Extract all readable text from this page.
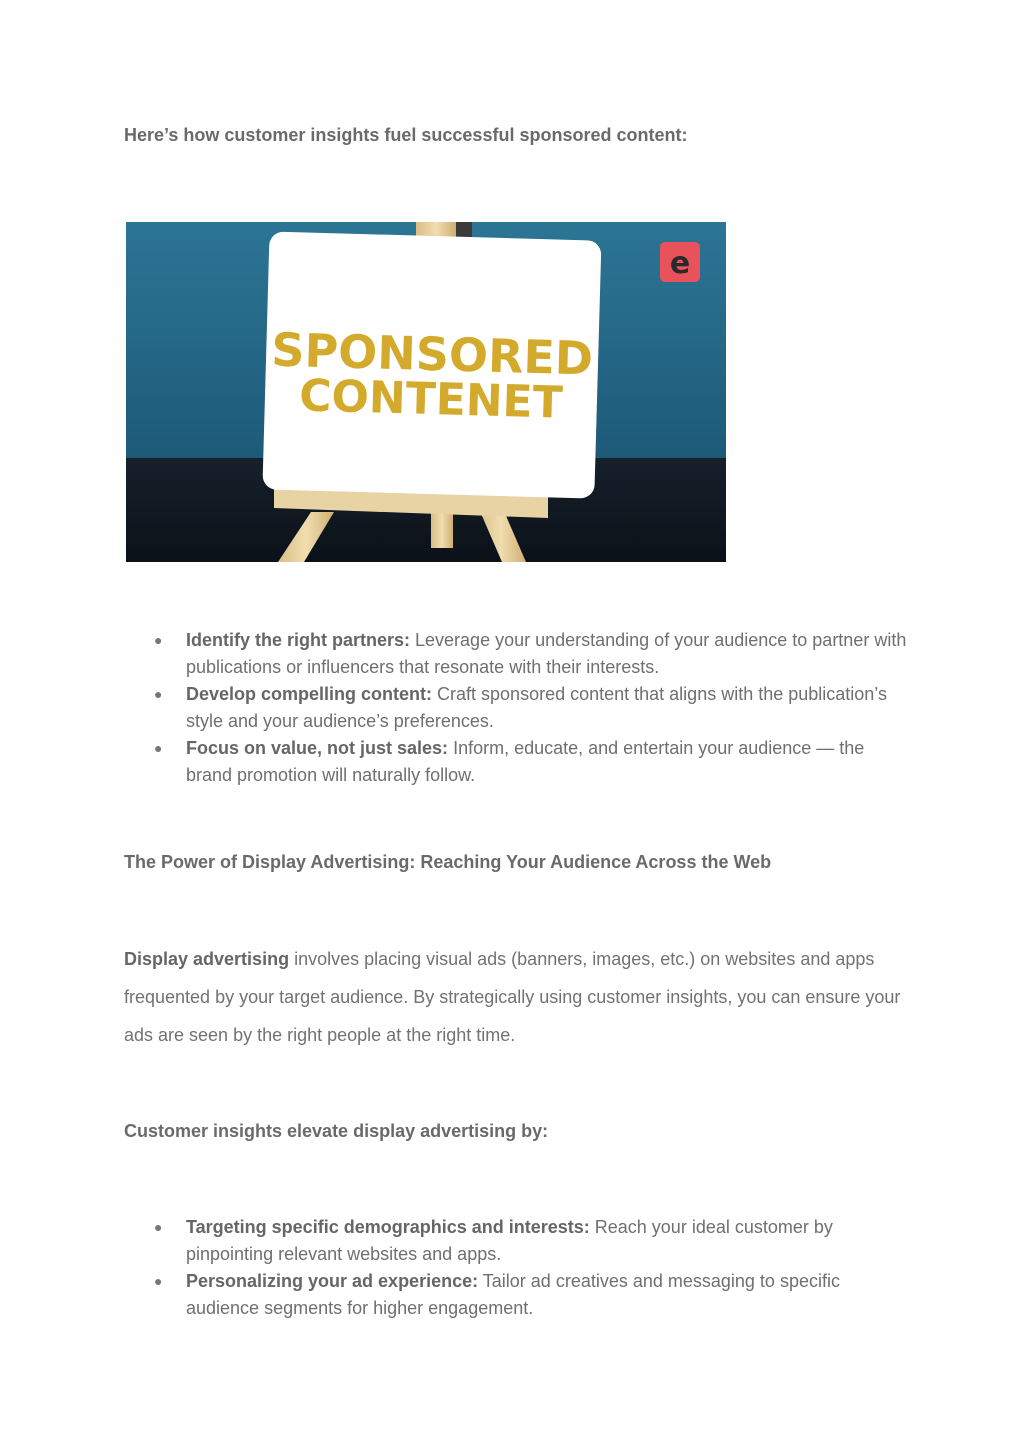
Here’s how customer insights fuel successful sponsored content:
SPONSORED
CONTENET
e
● Identify the right partners: Leverage your understanding of your audience to partner with publications or influencers that resonate with their interests.
● Develop compelling content: Craft sponsored content that aligns with the publication’s style and your audience’s preferences.
● Focus on value, not just sales: Inform, educate, and entertain your audience — the brand promotion will naturally follow.
The Power of Display Advertising: Reaching Your Audience Across the Web

Display advertising involves placing visual ads (banners, images, etc.) on websites and apps frequented by your target audience. By strategically using customer insights, you can ensure your ads are seen by the right people at the right time.

Customer insights elevate display advertising by:
● Targeting specific demographics and interests: Reach your ideal customer by pinpointing relevant websites and apps.
● Personalizing your ad experience: Tailor ad creatives and messaging to specific audience segments for higher engagement.
